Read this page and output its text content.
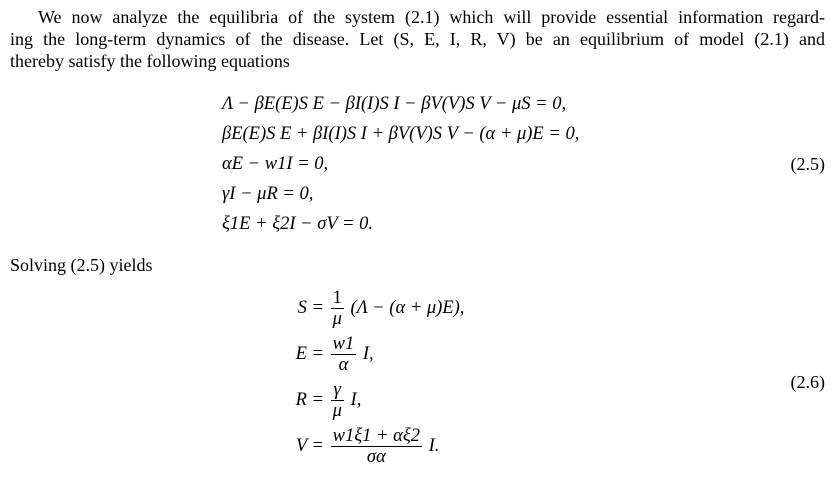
We now analyze the equilibria of the system (2.1) which will provide essential information regard-
ing the long-term dynamics of the disease. Let (S, E, I, R, V) be an equilibrium of model (2.1) and
thereby satisfy the following equations
Λ − βE(E)S E − βI(I)S I − βV(V)S V − μS = 0,
βE(E)S E + βI(I)S I + βV(V)S V − (α + μ)E = 0,
αE − w1I = 0,
γI − μR = 0,
ξ1E + ξ2I − σV = 0.
(2.5)
Solving (2.5) yields
$S = \frac{1}{\mu} (\Lambda - (\alpha + \mu)E)$,
$E = \frac{w1}{\alpha} I$,
$R = \frac{\gamma}{\mu} I$,
$V = \frac{w1\xi 1 + \alpha\xi 2}{\sigma\alpha} I$.
(2.6)
